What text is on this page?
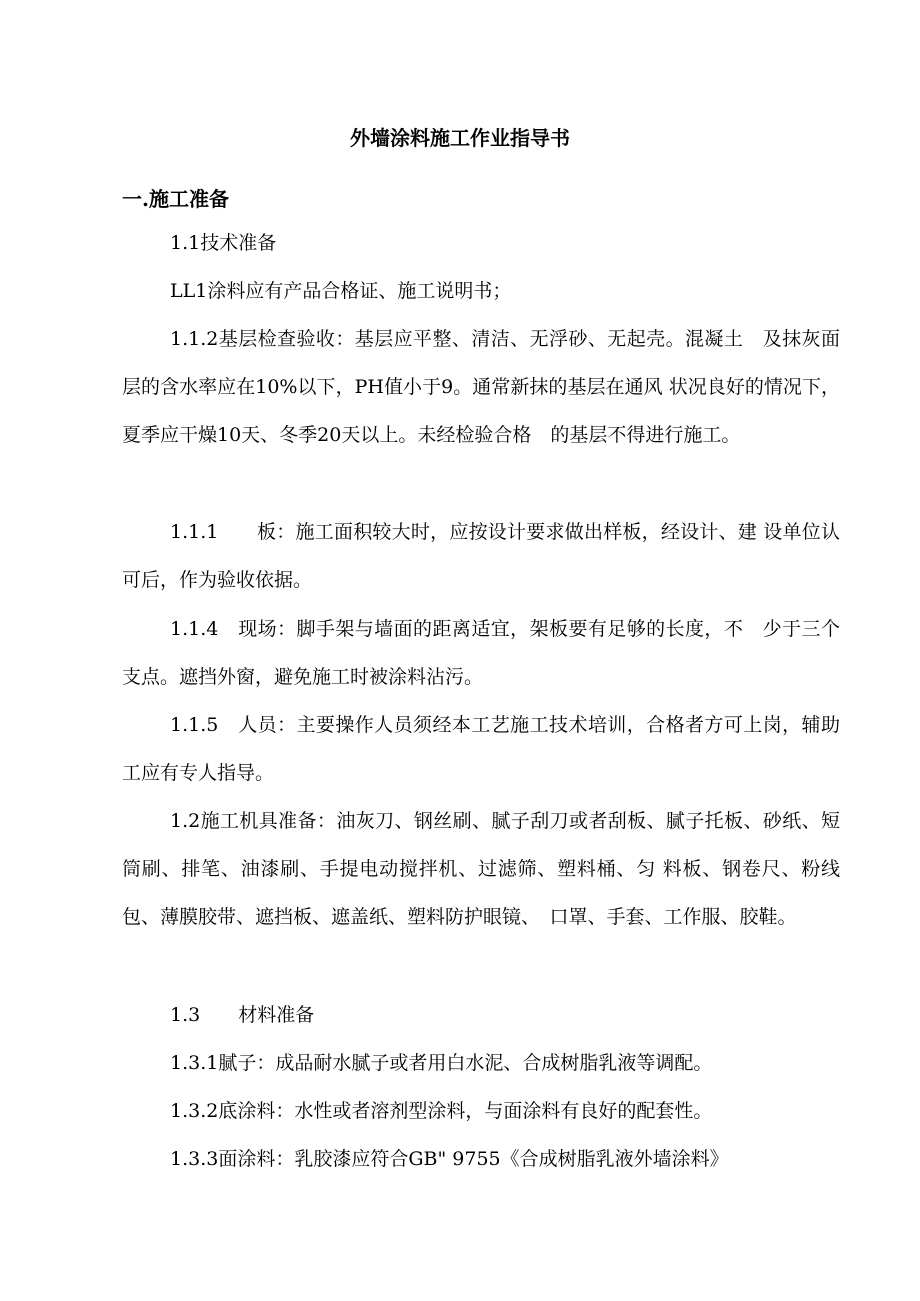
外墙涂料施工作业指导书
一.施工准备

1.1技术准备

LL1涂料应有产品合格证、施工说明书；

1.1.2基层检查验收：基层应平整、清洁、无浮砂、无起壳。混凝土　及抹灰面层的含水率应在10%以下，PH值小于9。通常新抹的基层在通风 状况良好的情况下，夏季应干燥10天、冬季20天以上。未经检验合格　的基层不得进行施工。

1.1.1　　板：施工面积较大时，应按设计要求做出样板，经设计、建 设单位认可后，作为验收依据。

1.1.4　现场：脚手架与墙面的距离适宜，架板要有足够的长度，不　少于三个支点。遮挡外窗，避免施工时被涂料沾污。

1.1.5　人员：主要操作人员须经本工艺施工技术培训，合格者方可上岗，辅助工应有专人指导。

1.2施工机具准备：油灰刀、钢丝刷、腻子刮刀或者刮板、腻子托板、砂纸、短筒刷、排笔、油漆刷、手提电动搅拌机、过滤筛、塑料桶、匀 料板、钢卷尺、粉线包、薄膜胶带、遮挡板、遮盖纸、塑料防护眼镜、　口罩、手套、工作服、胶鞋。

1.3　　材料准备

1.3.1腻子：成品耐水腻子或者用白水泥、合成树脂乳液等调配。

1.3.2底涂料：水性或者溶剂型涂料，与面涂料有良好的配套性。

1.3.3面涂料：乳胶漆应符合GB" 9755《合成树脂乳液外墙涂料》
